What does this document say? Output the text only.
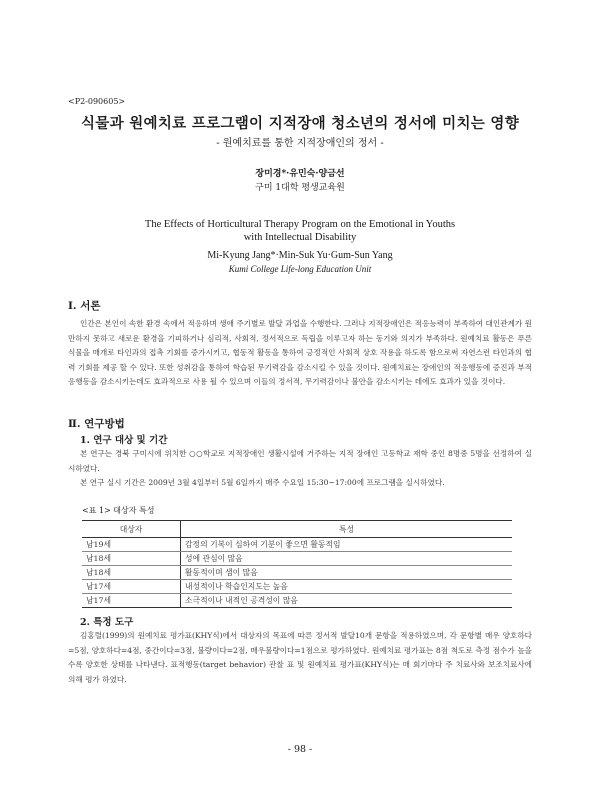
<P2-090605>
식물과 원예치료 프로그램이 지적장애 청소년의 정서에 미치는 영향
- 원예치료를 통한 지적장애인의 정서 -
장미경*·유민숙·양금선
구미 1대학 평생교육원
The Effects of Horticultural Therapy Program on the Emotional in Youths
with Intellectual Disability
Mi-Kyung Jang*·Min-Suk Yu·Gum-Sun Yang
Kumi College Life-long Education Unit
Ⅰ. 서론
인간은 본인이 속한 환경 속에서 적응하며 생애 주기별로 발달 과업을 수행한다. 그러나 지적장애인은 적응능력이 부족하여 대인관계가 원만하지 못하고 새로운 환경을 기피하거나 심리적, 사회적, 정서적으로 독립을 이루고자 하는 동기와 의지가 부족하다. 원예치료 활동은 푸른 식물을 매개로 타인과의 접촉 기회를 증가시키고, 협동적 활동을 통하여 긍정적인 사회적 상호 작용을 하도록 함으로써 자연스런 타인과의 협력 기회를 제공 할 수 있다. 또한 성취감을 통하여 학습된 무기력감을 감소시킬 수 있을 것이다. 원예치료는 장애인의 적응행동에 증진과 부적응행동을 감소시키는데도 효과적으로 사용 될 수 있으며 이들의 정서적, 무기력감이나 불안을 감소시키는 데에도 효과가 있을 것이다.
Ⅱ. 연구방법
1. 연구 대상 및 기간
본 연구는 경북 구미시에 위치한 ○○학교로 지적장애인 생활시설에 거주하는 지적 장애인 고등학교 재학 중인 8명중 5명을 선정하여 실시하였다.
본 연구 실시 기간은 2009년 3월 4일부터 5월 6일까지 매주 수요일 15:30~17:00에 프로그램을 실시하였다.
<표 1> 대상자 특성
대상자	특성
남19세	감정의 기복이 심하여 기분이 좋으면 활동적임
남18세	성에 관심이 많음
남18세	활동적이며 샘이 많음
남17세	내성적이나 학습인지도는 높음
남17세	소극적이나 내적인 공격성이 많음
2. 특정 도구
김홍렬(1999)의 원예치료 평가표(KHY식)에서 대상자의 목표에 따른 정서적 발달10개 문항을 적용하였으며, 각 문항별 매우 양호하다=5점, 양호하다=4점, 중간이다=3점, 불량이다=2점, 매우불량이다=1점으로 평가하였다. 원예치료 평가표는 8점 척도로 측정 점수가 높을수록 양호한 상태를 나타낸다. 표적행동(target behavior) 관찰 표 및 원예치료 평가표(KHY식)는 매 회기마다 주 치료사와 보조치료사에 의해 평가 하였다.
- 98 -
